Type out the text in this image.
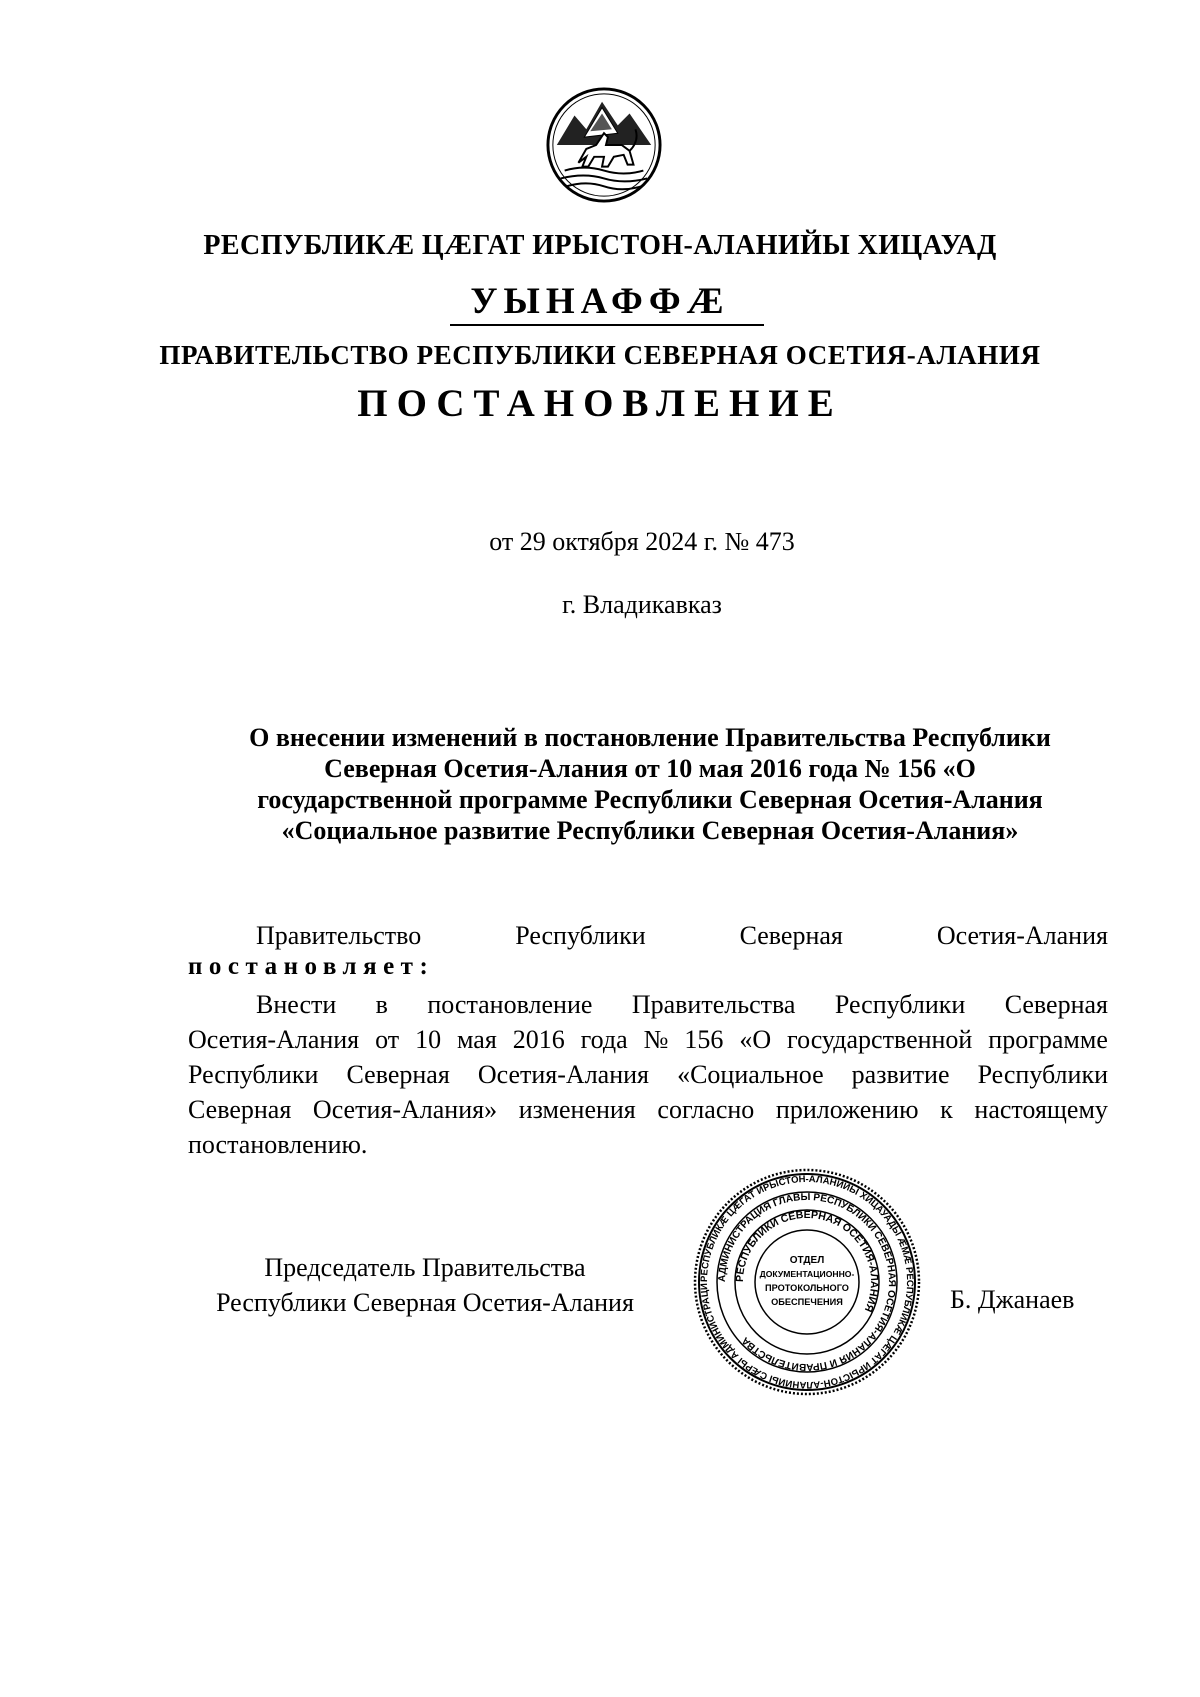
РЕСПУБЛИКÆ ЦÆГАТ ИРЫСТОН-АЛАНИЙЫ ХИЦАУАД
УЫНАФФÆ
ПРАВИТЕЛЬСТВО РЕСПУБЛИКИ СЕВЕРНАЯ ОСЕТИЯ-АЛАНИЯ
ПОСТАНОВЛЕНИЕ
от 29 октября 2024 г. № 473
г. Владикавказ
О внесении изменений в постановление Правительства Республики
Северная Осетия-Алания от 10 мая 2016 года № 156 «О
государственной программе Республики Северная Осетия-Алания
«Социальное развитие Республики Северная Осетия-Алания»
Правительство	Республики	Северная	Осетия-Алания
постановляет:
Внести в постановление Правительства Республики Северная
Осетия-Алания от 10 мая 2016 года № 156 «О государственной программе
Республики Северная Осетия-Алания «Социальное развитие Республики
Северная Осетия-Алания» изменения согласно приложению к настоящему
постановлению.
Председатель Правительства
Республики Северная Осетия-Алания	Б. Джанаев
РЕСПУБЛИКÆ ЦÆГАТ ИРЫСТОН-АЛАНИЙЫ ХИЦАУАДЫ ÆМÆ РЕСПУБЛИКÆ ЦÆГАТ ИРЫСТОН-АЛАНИЙЫ СÆРЫ АДМИНИСТРАЦИ
АДМИНИСТРАЦИЯ ГЛАВЫ РЕСПУБЛИКИ СЕВЕРНАЯ ОСЕТИЯ-АЛАНИЯ И ПРАВИТЕЛЬСТВА
РЕСПУБЛИКИ СЕВЕРНАЯ ОСЕТИЯ-АЛАНИЯ
ОТДЕЛ
ДОКУМЕНТАЦИОННО-
ПРОТОКОЛЬНОГО
ОБЕСПЕЧЕНИЯ
